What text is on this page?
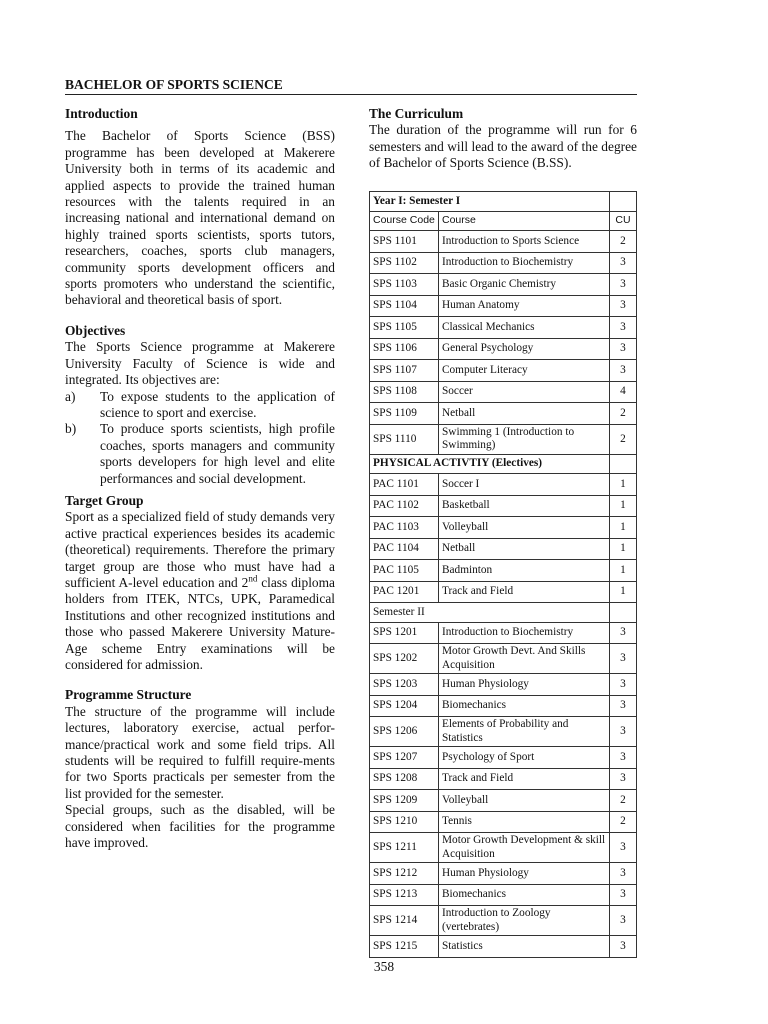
BACHELOR OF SPORTS SCIENCE
Introduction

The Bachelor of Sports Science (BSS) programme has been developed at Makerere University both in terms of its academic and applied aspects to provide the trained human resources with the talents required in an increasing national and international demand on highly trained sports scientists, sports tutors, researchers, coaches, sports club managers, community sports development officers and sports promoters who understand the scientific, behavioral and theoretical basis of sport.

Objectives

The Sports Science programme at Makerere University Faculty of Science is wide and integrated. Its objectives are:

a)	To expose students to the application of science to sport and exercise.
b)	To produce sports scientists, high profile coaches, sports managers and community sports developers for high level and elite performances and social development.
Target Group

Sport as a specialized field of study demands very active practical experiences besides its academic (theoretical) requirements. Therefore the primary target group are those who must have had a sufficient A-level education and 2nd class diploma holders from ITEK, NTCs, UPK, Paramedical Institutions and other recognized institutions and those who passed Makerere University Mature-Age scheme Entry examinations will be considered for admission.

Programme Structure

The structure of the programme will include lectures, laboratory exercise, actual perfor-mance/practical work and some field trips. All students will be required to fulfill require-ments for two Sports practicals per semester from the list provided for the semester.

Special groups, such as the disabled, will be considered when facilities for the programme have improved.

The Curriculum

The duration of the programme will run for 6 semesters and will lead to the award of the degree of Bachelor of Sports Science (B.SS).

Year I: Semester I		
Course Code	Course	CU
SPS 1101	Introduction to Sports Science	2
SPS 1102	Introduction to Biochemistry	3
SPS 1103	Basic Organic Chemistry	3
SPS 1104	Human Anatomy	3
SPS 1105	Classical Mechanics	3
SPS 1106	General Psychology	3
SPS 1107	Computer Literacy	3
SPS 1108	Soccer	4
SPS 1109	Netball	2
SPS 1110	Swimming 1 (Introduction to Swimming)	2
PHYSICAL ACTIVTIY (Electives)		
PAC 1101	Soccer I	1
PAC 1102	Basketball	1
PAC 1103	Volleyball	1
PAC 1104	Netball	1
PAC 1105	Badminton	1
PAC 1201	Track and Field	1
Semester II		
SPS 1201	Introduction to Biochemistry	3
SPS 1202	Motor Growth Devt. And Skills Acquisition	3
SPS 1203	Human Physiology	3
SPS 1204	Biomechanics	3
SPS 1206	Elements of Probability and Statistics	3
SPS 1207	Psychology of Sport	3
SPS 1208	Track and Field	3
SPS 1209	Volleyball	2
SPS 1210	Tennis	2
SPS 1211	Motor Growth Development & skill Acquisition	3
SPS 1212	Human Physiology	3
SPS 1213	Biomechanics	3
SPS 1214	Introduction to Zoology (vertebrates)	3
SPS 1215	Statistics	3
358
